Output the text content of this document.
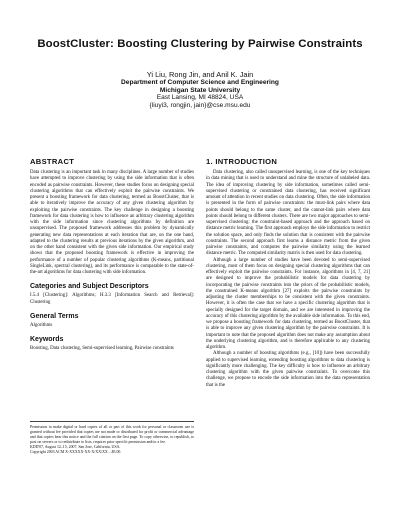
BoostCluster: Boosting Clustering by Pairwise Constraints
Yi Liu, Rong Jin, and Anil K. Jain
Department of Computer Science and Engineering
Michigan State University
East Lansing, MI 48824, USA
{liuyi3, rongjin, jain}@cse.msu.edu
ABSTRACT

Data clustering is an important task in many disciplines. A large number of studies have attempted to improve clustering by using the side information that is often encoded as pairwise constraints. However, these studies focus on designing special clustering algorithms that can effectively exploit the pairwise constraints. We present a boosting framework for data clustering, termed as BoostCluster, that is able to iteratively improve the accuracy of any given clustering algorithm by exploiting the pairwise constraints. The key challenge in designing a boosting framework for data clustering is how to influence an arbitrary clustering algorithm with the side information since clustering algorithms by definition are unsupervised. The proposed framework addresses this problem by dynamically generating new data representations at each iteration that are, on the one hand, adapted to the clustering results at previous iterations by the given algorithm, and on the other hand consistent with the given side information. Our empirical study shows that the proposed boosting framework is effective in improving the performance of a number of popular clustering algorithms (K-means, partitional SingleLink, spectral clustering), and its performance is comparable to the state-of-the-art algorithms for data clustering with side information.

Categories and Subject Descriptors

I.5.4 [Clustering]: Algorithms; H.3.3 [Information Search and Retrieval]: Clustering

General Terms

Algorithms

Keywords

Boosting, Data clustering, Semi-supervised learning, Pairwise constraints

Permission to make digital or hard copies of all or part of this work for personal or classroom use is granted without fee provided that copies are not made or distributed for profit or commercial advantage and that copies bear this notice and the full citation on the first page. To copy otherwise, to republish, to post on servers or to redistribute to lists, requires prior specific permission and/or a fee.

KDD'07, August 12–15, 2007, San Jose, California, USA.

Copyright 2003 ACM X-XXXXX-XX-X/XX/XX ...$5.00.

1. INTRODUCTION

Data clustering, also called unsupervised learning, is one of the key techniques in data mining that is used to understand and mine the structure of unlabeled data. The idea of improving clustering by side information, sometimes called semi-supervised clustering or constrained data clustering, has received significant amount of attention in recent studies on data clustering. Often, the side information is presented in the form of pairwise constraints: the must-link pairs where data points should belong to the same cluster, and the cannot-link pairs where data points should belong to different clusters. There are two major approaches to semi-supervised clustering: the constraint-based approach and the approach based on distance metric learning. The first approach employs the side information to restrict the solution space, and only finds the solution that is consistent with the pairwise constraints. The second approach first learns a distance metric from the given pairwise constraints, and computes the pairwise similarity using the learned distance metric. The computed similarity matrix is then used for data clustering.

Although a large number of studies have been devoted to semi-supervised clustering, most of them focus on designing special clustering algorithms that can effectively exploit the pairwise constraints. For instance, algorithms in [4, 7, 21] are designed to improve the probabilistic models for data clustering by incorporating the pairwise constraints into the priors of the probabilistic models, the constrained K-means algorithm [27] exploits the pairwise constraints by adjusting the cluster memberships to be consistent with the given constraints. However, it is often the case that we have a specific clustering algorithm that is specially designed for the target domain, and we are interested in improving the accuracy of this clustering algorithm by the available side information. To this end, we propose a boosting framework for data clustering, termed as BoostCluster, that is able to improve any given clustering algorithm by the pairwise constraints. It is important to note that the proposed algorithm does not make any assumption about the underlying clustering algorithm, and is therefore applicable to any clustering algorithm.

Although a number of boosting algorithms (e.g., [10]) have been successfully applied to supervised learning, extending boosting algorithms to data clustering is significantly more challenging. The key difficulty is how to influence an arbitrary clustering algorithm with the given pairwise constraints. To overcome this challenge, we propose to encode the side information into the data representation that is the
